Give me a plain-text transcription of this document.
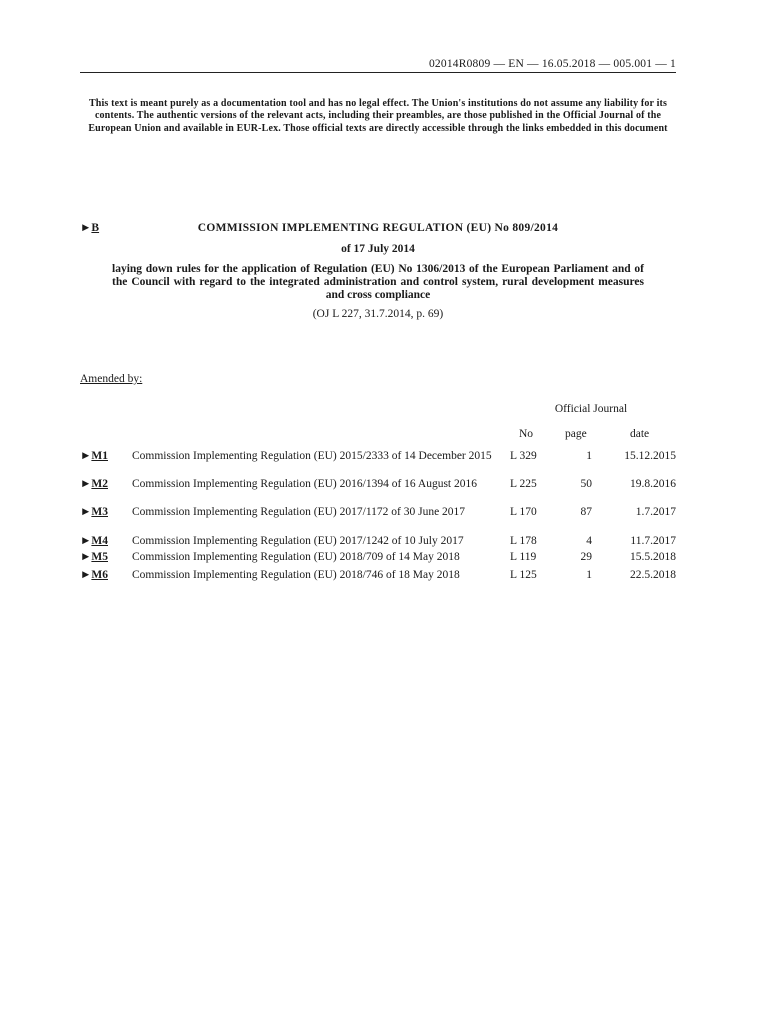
02014R0809 — EN — 16.05.2018 — 005.001 — 1
This text is meant purely as a documentation tool and has no legal effect. The Union's institutions do not assume any liability for its contents. The authentic versions of the relevant acts, including their preambles, are those published in the Official Journal of the European Union and available in EUR-Lex. Those official texts are directly accessible through the links embedded in this document
►B	COMMISSION IMPLEMENTING REGULATION (EU) No 809/2014
of 17 July 2014
laying down rules for the application of Regulation (EU) No 1306/2013 of the European Parliament and of the Council with regard to the integrated administration and control system, rural development measures and cross compliance
(OJ L 227, 31.7.2014, p. 69)
Amended by:
Official Journal
No	page	date
►M1 Commission Implementing Regulation (EU) 2015/2333 of 14 December 2015 L 329	1	15.12.2015
►M2 Commission Implementing Regulation (EU) 2016/1394 of 16 August 2016	L 225	50	19.8.2016
►M3 Commission Implementing Regulation (EU) 2017/1172 of 30 June 2017	L 170	87	1.7.2017
►M4 Commission Implementing Regulation (EU) 2017/1242 of 10 July 2017	L 178	4	11.7.2017
►M5 Commission Implementing Regulation (EU) 2018/709 of 14 May 2018	L 119	29	15.5.2018
►M6 Commission Implementing Regulation (EU) 2018/746 of 18 May 2018	L 125	1	22.5.2018
